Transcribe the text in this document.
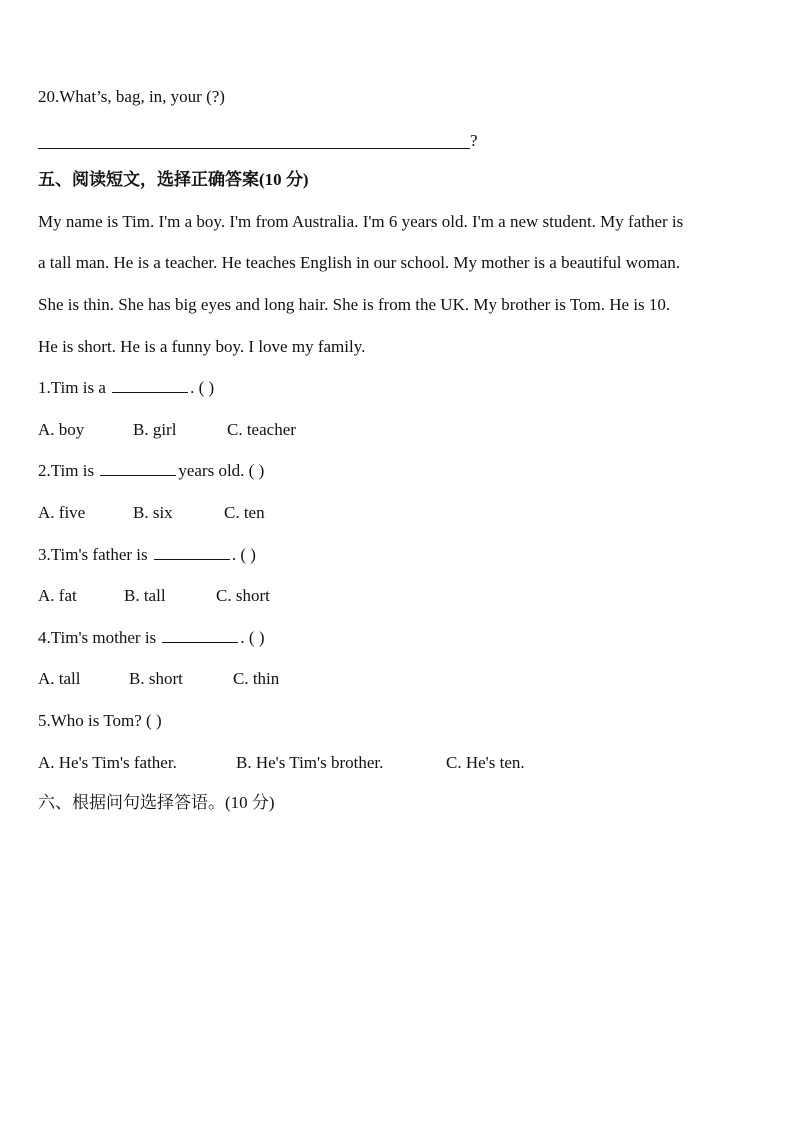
20.What’s, bag, in, your (?)
?
五、阅读短文，选择正确答案(10 分)
My name is Tim. I'm a boy. I'm from Australia. I'm 6 years old. I'm a new student. My father is
a tall man. He is a teacher. He teaches English in our school. My mother is a beautiful woman.
She is thin. She has big eyes and long hair. She is from the UK. My brother is Tom. He is 10.
He is short. He is a funny boy. I love my family.
1.Tim is a	. ( )
A. boy	B. girl	C. teacher
2.Tim is	years old. ( )
A. five	B. six	C. ten
3.Tim's father is	. ( )
A. fat	B. tall	C. short
4.Tim's mother is	. ( )
A. tall	B. short	C. thin
5.Who is Tom? ( )
A. He's Tim's father.	B. He's Tim's brother.	C. He's ten.
六、根据问句选择答语。(10 分)
